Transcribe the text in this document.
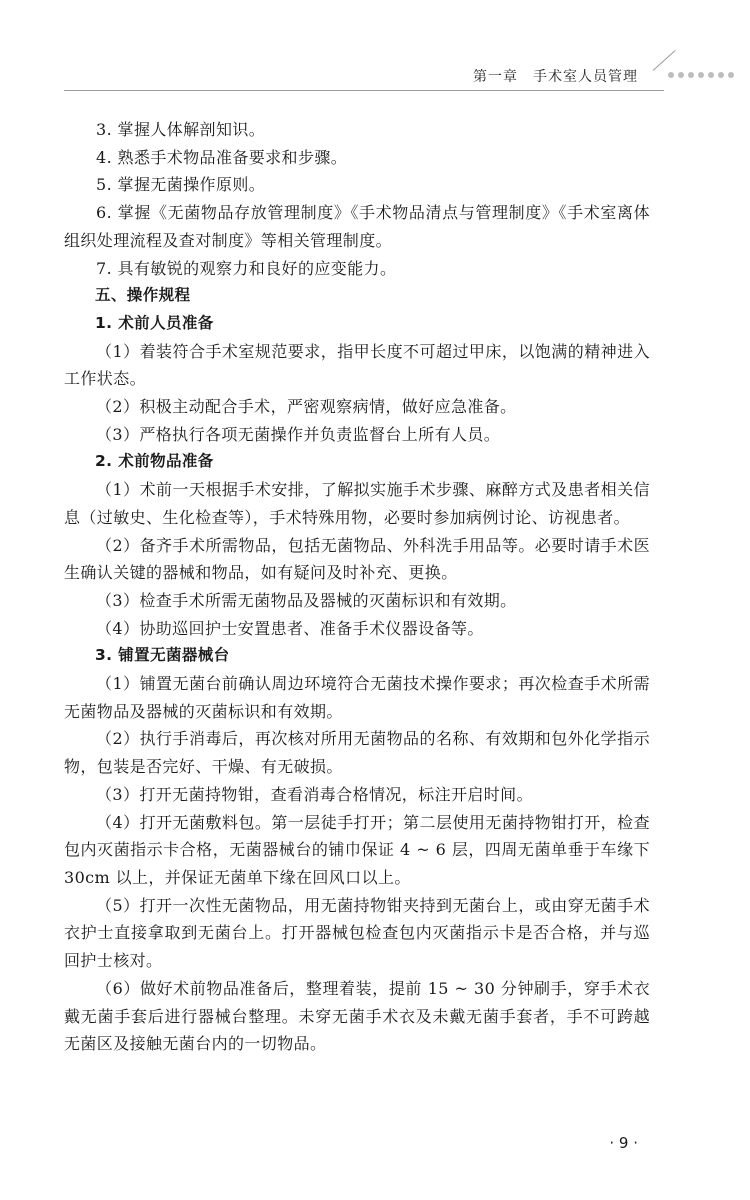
第一章　手术室人员管理

3. 掌握人体解剖知识。

4. 熟悉手术物品准备要求和步骤。

5. 掌握无菌操作原则。

6. 掌握《无菌物品存放管理制度》《手术物品清点与管理制度》《手术室离体组织处理流程及查对制度》等相关管理制度。

7. 具有敏锐的观察力和良好的应变能力。

五、操作规程

1. 术前人员准备

（1）着装符合手术室规范要求，指甲长度不可超过甲床，以饱满的精神进入工作状态。

（2）积极主动配合手术，严密观察病情，做好应急准备。

（3）严格执行各项无菌操作并负责监督台上所有人员。

2. 术前物品准备

（1）术前一天根据手术安排，了解拟实施手术步骤、麻醉方式及患者相关信息（过敏史、生化检查等），手术特殊用物，必要时参加病例讨论、访视患者。

（2）备齐手术所需物品，包括无菌物品、外科洗手用品等。必要时请手术医生确认关键的器械和物品，如有疑问及时补充、更换。

（3）检查手术所需无菌物品及器械的灭菌标识和有效期。

（4）协助巡回护士安置患者、准备手术仪器设备等。

3. 铺置无菌器械台

（1）铺置无菌台前确认周边环境符合无菌技术操作要求；再次检查手术所需无菌物品及器械的灭菌标识和有效期。

（2）执行手消毒后，再次核对所用无菌物品的名称、有效期和包外化学指示物，包装是否完好、干燥、有无破损。

（3）打开无菌持物钳，查看消毒合格情况，标注开启时间。

（4）打开无菌敷料包。第一层徒手打开；第二层使用无菌持物钳打开，检查包内灭菌指示卡合格，无菌器械台的铺巾保证 4 ~ 6 层，四周无菌单垂于车缘下 30cm 以上，并保证无菌单下缘在回风口以上。

（5）打开一次性无菌物品，用无菌持物钳夹持到无菌台上，或由穿无菌手术衣护士直接拿取到无菌台上。打开器械包检查包内灭菌指示卡是否合格，并与巡回护士核对。

（6）做好术前物品准备后，整理着装，提前 15 ~ 30 分钟刷手，穿手术衣戴无菌手套后进行器械台整理。未穿无菌手术衣及未戴无菌手套者，手不可跨越无菌区及接触无菌台内的一切物品。

· 9 ·
